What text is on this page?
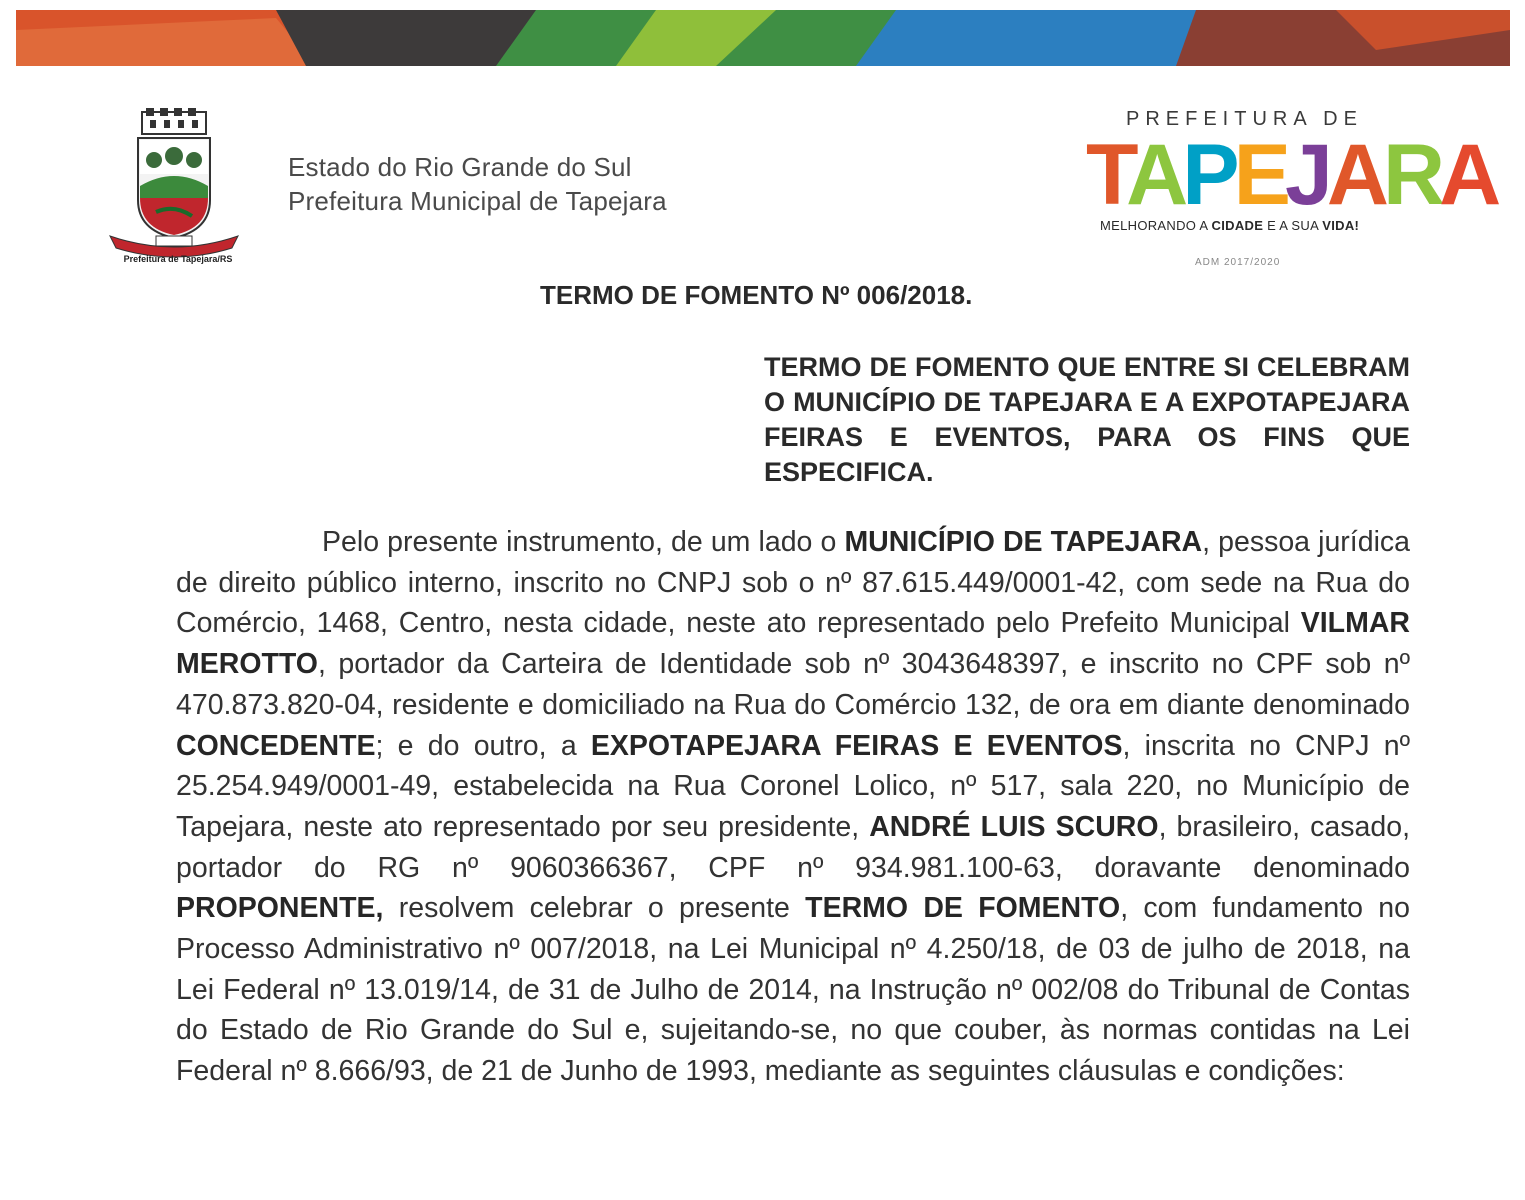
Prefeitura de Tapejara/RS
Estado do Rio Grande do Sul
Prefeitura Municipal de Tapejara
PREFEITURA DE
TAPEJARA
MELHORANDO A CIDADE E A SUA VIDA!
ADM 2017/2020
TERMO DE FOMENTO Nº 006/2018.
TERMO DE FOMENTO QUE ENTRE SI CELEBRAM O MUNICÍPIO DE TAPEJARA E A EXPOTAPEJARA FEIRAS E EVENTOS, PARA OS FINS QUE ESPECIFICA.
Pelo presente instrumento, de um lado o MUNICÍPIO DE TAPEJARA, pessoa jurídica de direito público interno, inscrito no CNPJ sob o nº 87.615.449/0001-42, com sede na Rua do Comércio, 1468, Centro, nesta cidade, neste ato representado pelo Prefeito Municipal VILMAR MEROTTO, portador da Carteira de Identidade sob nº 3043648397, e inscrito no CPF sob nº 470.873.820-04, residente e domiciliado na Rua do Comércio 132, de ora em diante denominado CONCEDENTE; e do outro, a EXPOTAPEJARA FEIRAS E EVENTOS, inscrita no CNPJ nº 25.254.949/0001-49, estabelecida na Rua Coronel Lolico, nº 517, sala 220, no Município de Tapejara, neste ato representado por seu presidente, ANDRÉ LUIS SCURO, brasileiro, casado, portador do RG nº 9060366367, CPF nº 934.981.100-63, doravante denominado PROPONENTE, resolvem celebrar o presente TERMO DE FOMENTO, com fundamento no Processo Administrativo nº 007/2018, na Lei Municipal nº 4.250/18, de 03 de julho de 2018, na Lei Federal nº 13.019/14, de 31 de Julho de 2014, na Instrução nº 002/08 do Tribunal de Contas do Estado de Rio Grande do Sul e, sujeitando-se, no que couber, às normas contidas na Lei Federal nº 8.666/93, de 21 de Junho de 1993, mediante as seguintes cláusulas e condições:
